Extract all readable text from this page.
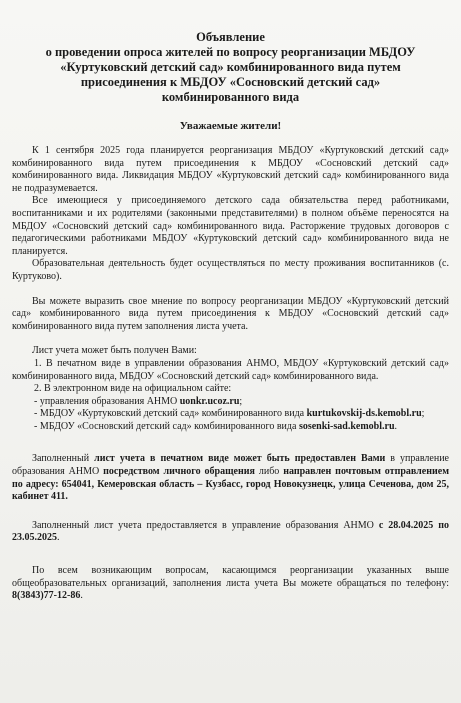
Объявление
о проведении опроса жителей по вопросу реорганизации МБДОУ
«Куртуковский детский сад» комбинированного вида путем
присоединения к МБДОУ «Сосновский детский сад»
комбинированного вида
Уважаемые жители!

К 1 сентября 2025 года планируется реорганизация МБДОУ «Куртуковский детский сад» комбинированного вида путем присоединения к МБДОУ «Сосновский детский сад» комбинированного вида. Ликвидация МБДОУ «Куртуковский детский сад» комбинированного вида не подразумевается.

Все имеющиеся у присоединяемого детского сада обязательства перед работниками, воспитанниками и их родителями (законными представителями) в полном объёме переносятся на МБДОУ «Сосновский детский сад» комбинированного вида. Расторжение трудовых договоров с педагогическими работниками МБДОУ «Куртуковский детский сад» комбинированного вида не планируется.

Образовательная деятельность будет осуществляться по месту проживания воспитанников (с. Куртуково).

Вы можете выразить свое мнение по вопросу реорганизации МБДОУ «Куртуковский детский сад» комбинированного вида путем присоединения к МБДОУ «Сосновский детский сад» комбинированного вида путем заполнения листа учета.

Лист учета может быть получен Вами:

1. В печатном виде в управлении образования АНМО, МБДОУ «Куртуковский детский сад» комбинированного вида, МБДОУ «Сосновский детский сад» комбинированного вида.

2. В электронном виде на официальном сайте:

- управления образования АНМО uonkr.ucoz.ru;

- МБДОУ «Куртуковский детский сад» комбинированного вида kurtukovskij-ds.kemobl.ru;

- МБДОУ «Сосновский детский сад» комбинированного вида sosenki-sad.kemobl.ru.

Заполненный лист учета в печатном виде может быть предоставлен Вами в управление образования АНМО посредством личного обращения либо направлен почтовым отправлением по адресу: 654041, Кемеровская область – Кузбасс, город Новокузнецк, улица Сеченова, дом 25, кабинет 411.

Заполненный лист учета предоставляется в управление образования АНМО с 28.04.2025 по 23.05.2025.

По всем возникающим вопросам, касающимся реорганизации указанных выше общеобразовательных организаций, заполнения листа учета Вы можете обращаться по телефону: 8(3843)77-12-86.
